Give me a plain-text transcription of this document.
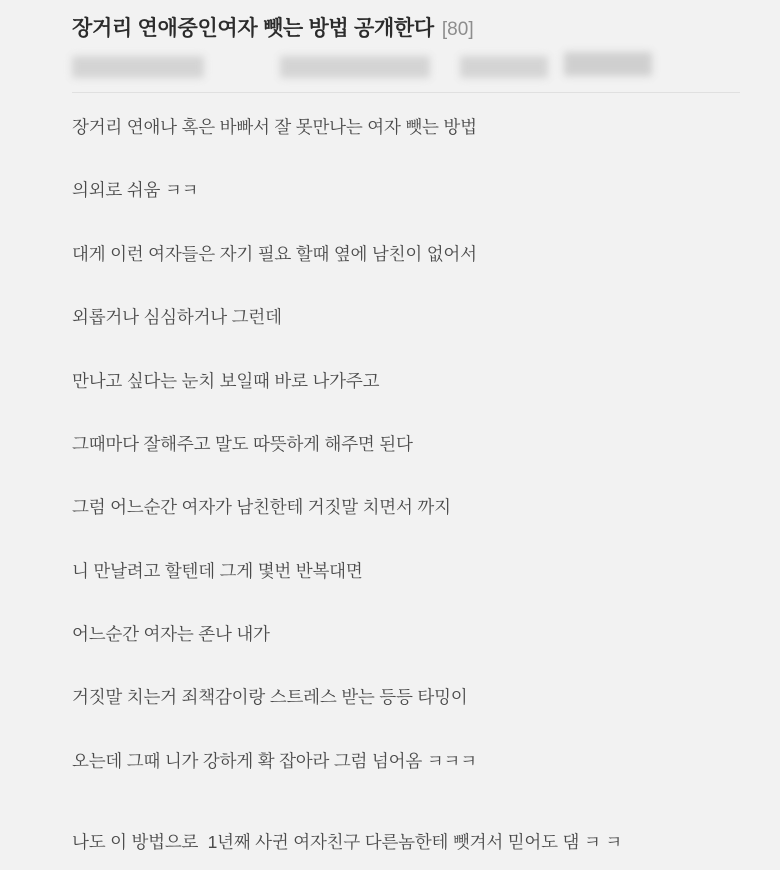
장거리 연애중인여자 뺏는 방법 공개한다 [80]

장거리 연애나 혹은 바빠서 잘 못만나는 여자 뺏는 방법

의외로 쉬움 ㅋㅋ

대게 이런 여자들은 자기 필요 할때 옆에 남친이 없어서

외롭거나 심심하거나 그런데

만나고 싶다는 눈치 보일때 바로 나가주고

그때마다 잘해주고 말도 따뜻하게 해주면 된다

그럼 어느순간 여자가 남친한테 거짓말 치면서 까지

니 만날려고 할텐데 그게 몇번 반복대면

어느순간 여자는 존나 내가

거짓말 치는거 죄책감이랑 스트레스 받는 등등 타밍이

오는데 그때 니가 강하게 확 잡아라 그럼 넘어옴 ㅋㅋㅋ

나도 이 방법으로  1년째 사귄 여자친구 다른놈한테 뺏겨서 믿어도 댐 ㅋ ㅋ
